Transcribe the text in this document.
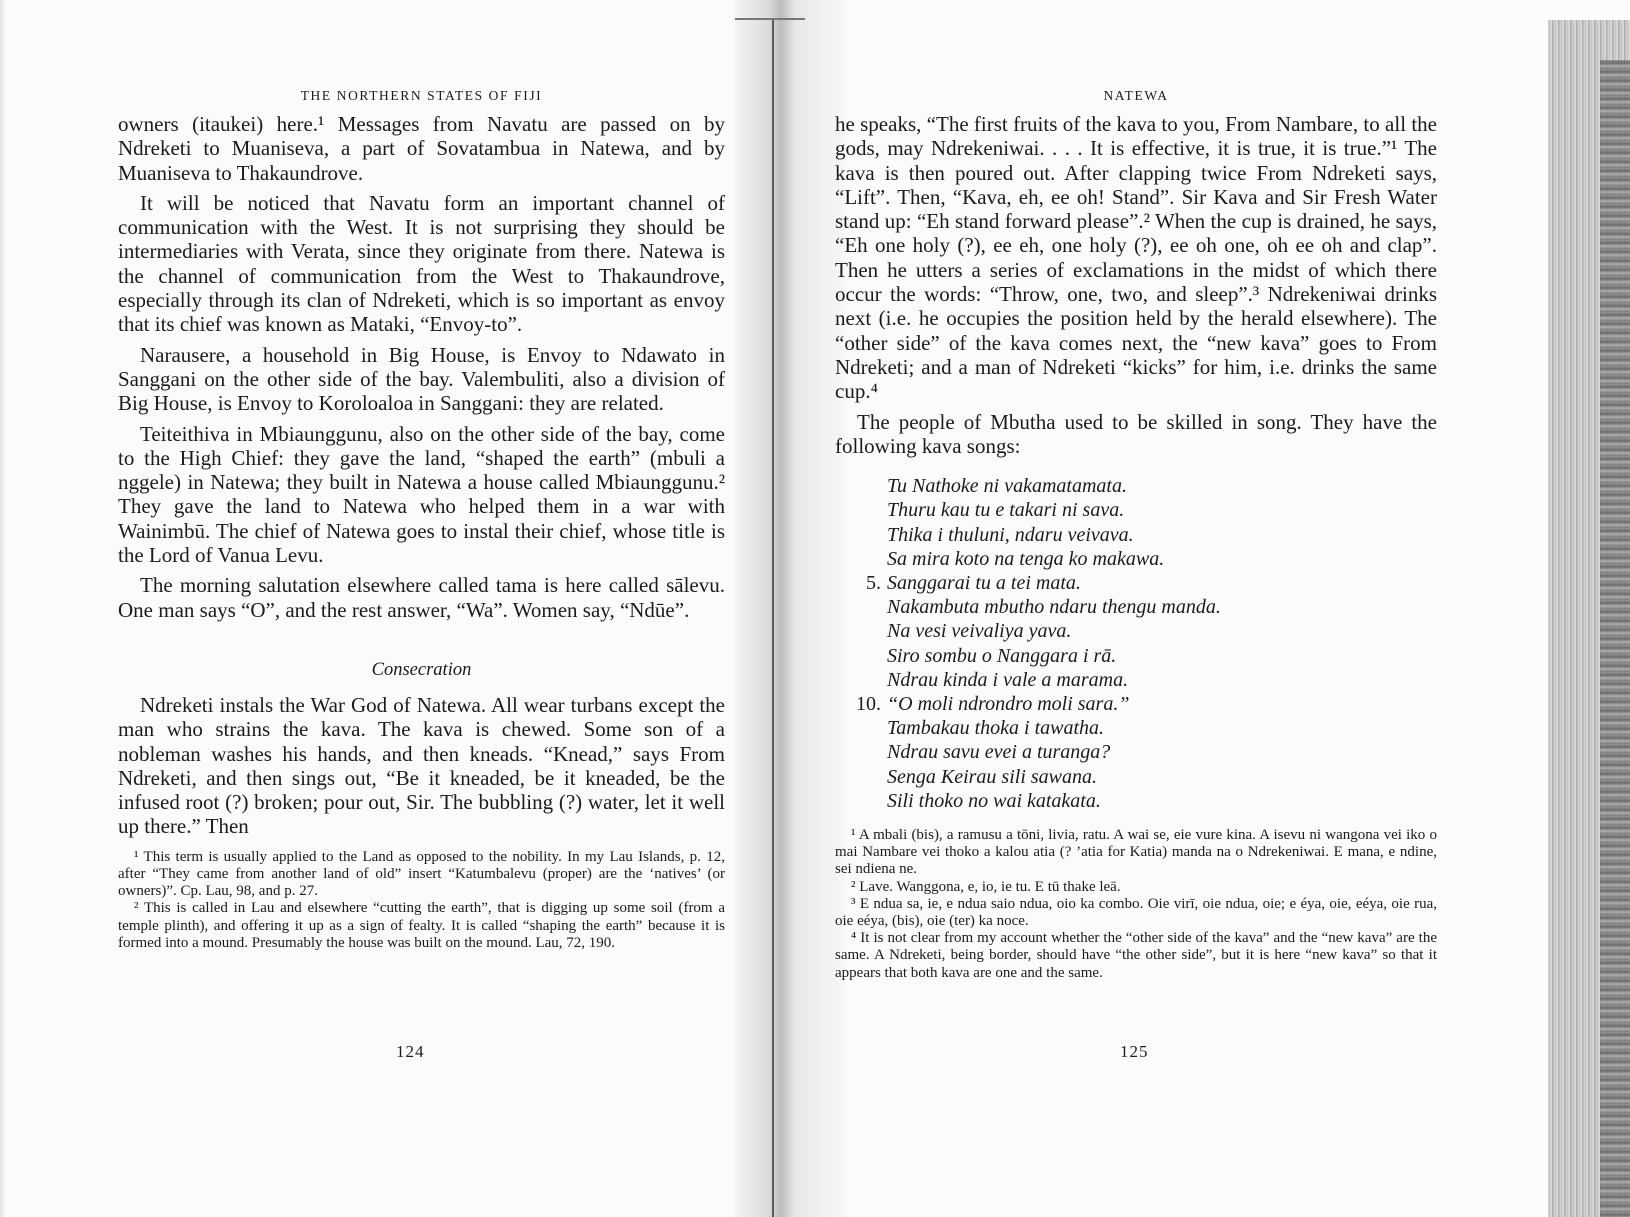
THE NORTHERN STATES OF FIJI

owners (itaukei) here.¹ Messages from Navatu are passed on by Ndreketi to Muaniseva, a part of Sovatambua in Natewa, and by Muaniseva to Thakaundrove.

It will be noticed that Navatu form an important channel of communication with the West. It is not surprising they should be intermediaries with Verata, since they originate from there. Natewa is the channel of communication from the West to Thakaundrove, especially through its clan of Ndreketi, which is so important as envoy that its chief was known as Mataki, “Envoy-to”.

Narausere, a household in Big House, is Envoy to Ndawato in Sanggani on the other side of the bay. Valembuliti, also a division of Big House, is Envoy to Koroloaloa in Sanggani: they are related.

Teiteithiva in Mbiaunggunu, also on the other side of the bay, come to the High Chief: they gave the land, “shaped the earth” (mbuli a nggele) in Natewa; they built in Natewa a house called Mbiaunggunu.² They gave the land to Natewa who helped them in a war with Wainimbū. The chief of Natewa goes to instal their chief, whose title is the Lord of Vanua Levu.

The morning salutation elsewhere called tama is here called sālevu. One man says “O”, and the rest answer, “Wa”. Women say, “Ndūe”.

Consecration

Ndreketi instals the War God of Natewa. All wear turbans except the man who strains the kava. The kava is chewed. Some son of a nobleman washes his hands, and then kneads. “Knead,” says From Ndreketi, and then sings out, “Be it kneaded, be it kneaded, be the infused root (?) broken; pour out, Sir. The bubbling (?) water, let it well up there.” Then

¹ This term is usually applied to the Land as opposed to the nobility. In my Lau Islands, p. 12, after “They came from another land of old” insert “Katumbalevu (proper) are the ‘natives’ (or owners)”. Cp. Lau, 98, and p. 27.

² This is called in Lau and elsewhere “cutting the earth”, that is digging up some soil (from a temple plinth), and offering it up as a sign of fealty. It is called “shaping the earth” because it is formed into a mound. Presumably the house was built on the mound. Lau, 72, 190.

124
NATEWA

he speaks, “The first fruits of the kava to you, From Nambare, to all the gods, may Ndrekeniwai. . . . It is effective, it is true, it is true.”¹ The kava is then poured out. After clapping twice From Ndreketi says, “Lift”. Then, “Kava, eh, ee oh! Stand”. Sir Kava and Sir Fresh Water stand up: “Eh stand forward please”.² When the cup is drained, he says, “Eh one holy (?), ee eh, one holy (?), ee oh one, oh ee oh and clap”. Then he utters a series of exclamations in the midst of which there occur the words: “Throw, one, two, and sleep”.³ Ndrekeniwai drinks next (i.e. he occupies the position held by the herald elsewhere). The “other side” of the kava comes next, the “new kava” goes to From Ndreketi; and a man of Ndreketi “kicks” for him, i.e. drinks the same cup.⁴

The people of Mbutha used to be skilled in song. They have the following kava songs:

Tu Nathoke ni vakamatamata.
Thuru kau tu e takari ni sava.
Thika i thuluni, ndaru veivava.
Sa mira koto na tenga ko makawa.
5. Sanggarai tu a tei mata.
Nakambuta mbutho ndaru thengu manda.
Na vesi veivaliya yava.
Siro sombu o Nanggara i rā.
Ndrau kinda i vale a marama.
10. “O moli ndrondro moli sara.”
Tambakau thoka i tawatha.
Ndrau savu evei a turanga?
Senga Keirau sili sawana.
Sili thoko no wai katakata.

¹ A mbali (bis), a ramusu a tōni, livia, ratu. A wai se, eie vure kina. A isevu ni wangona vei iko o mai Nambare vei thoko a kalou atia (? ’atia for Katia) manda na o Ndrekeniwai. E mana, e ndine, sei ndiena ne.

² Lave. Wanggona, e, io, ie tu. E tū thake leā.

³ E ndua sa, ie, e ndua saio ndua, oio ka combo. Oie virī, oie ndua, oie; e éya, oie, eéya, oie rua, oie eéya, (bis), oie (ter) ka noce.

⁴ It is not clear from my account whether the “other side of the kava” and the “new kava” are the same. A Ndreketi, being border, should have “the other side”, but it is here “new kava” so that it appears that both kava are one and the same.

125
